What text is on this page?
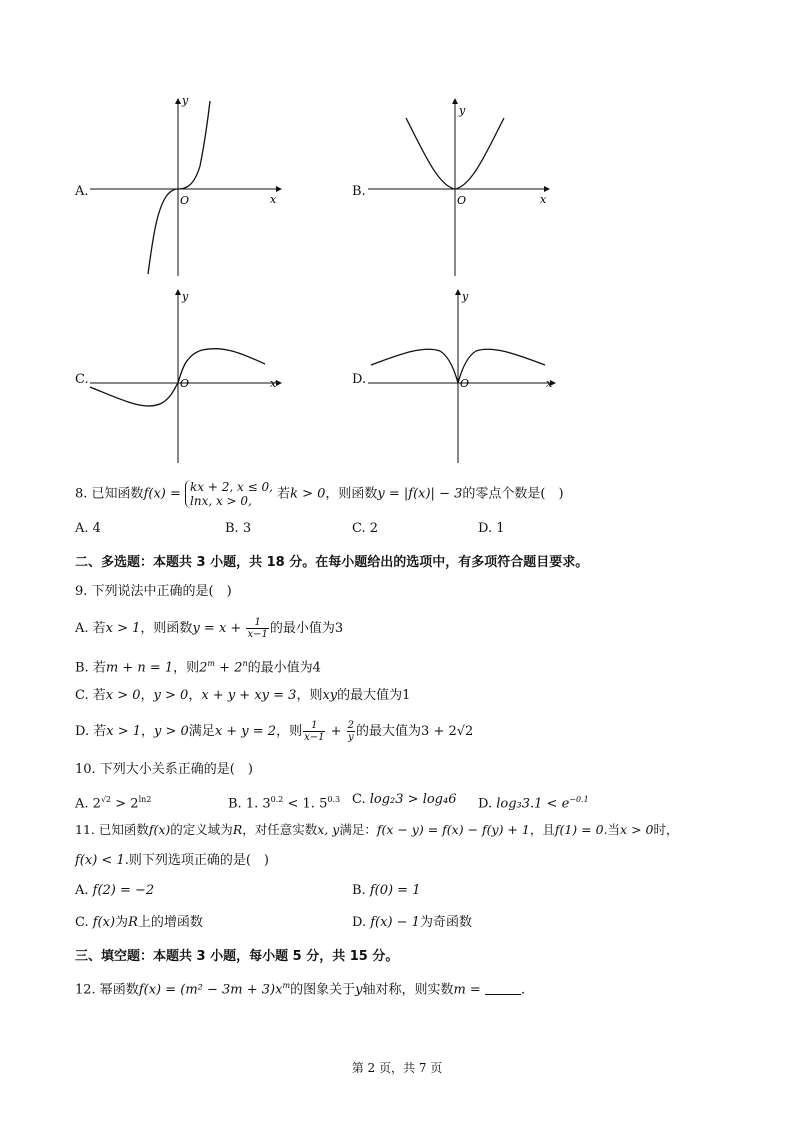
A.
y
x
O
B.
y
x
O
C.
y
x
O	D.
y
x
O
8. 已知函数f(x) = kx + 2, x ≤ 0,
lnx, x > 0,	若k > 0，则函数y = |f(x)| − 3的零点个数是(　)
A. 4	B. 3	C. 2	D. 1
二、多选题：本题共 3 小题，共 18 分。在每小题给出的选项中，有多项符合题目要求。
9. 下列说法中正确的是(　)
A. 若x > 1，则函数$y = x + \frac{1}{x-1}$ 的最小值为3
B. 若m + n = 1，则$2^m + 2^n$的最小值为4
C. 若x > 0，y > 0，x + y + xy = 3，则xy的最大值为1
D. 若x > 1，y > 0满足x + y = 2，则 $\frac{1}{x-1} + \frac{2}{y}$ 的最大值为3 + 2√2
10. 下列大小关系正确的是(　)
A. $2^{√2} > 2^{ln2}$	B. 1. $3^{0.2} < 1$. $5^{0.3}$ C. log₂3 > log₄6 D. $\log_33.1 < e^{-0.1}$
11. 已知函数f(x)的定义域为R，对任意实数x, y满足：f(x − y) = f(x) − f(y) + 1，且f(1) = 0.当x > 0时，
f(x) < 1.则下列选项正确的是(　)
A. f(2) = −2	B. f(0) = 1
C. f(x)为R上的增函数	D. f(x) − 1为奇函数
三、填空题：本题共 3 小题，每小题 5 分，共 15 分。
12. 幂函数$f(x) = (m^2 - 3m + 3)x^m$的图象关于y轴对称，则实数m =	.
第 2 页，共 7 页
